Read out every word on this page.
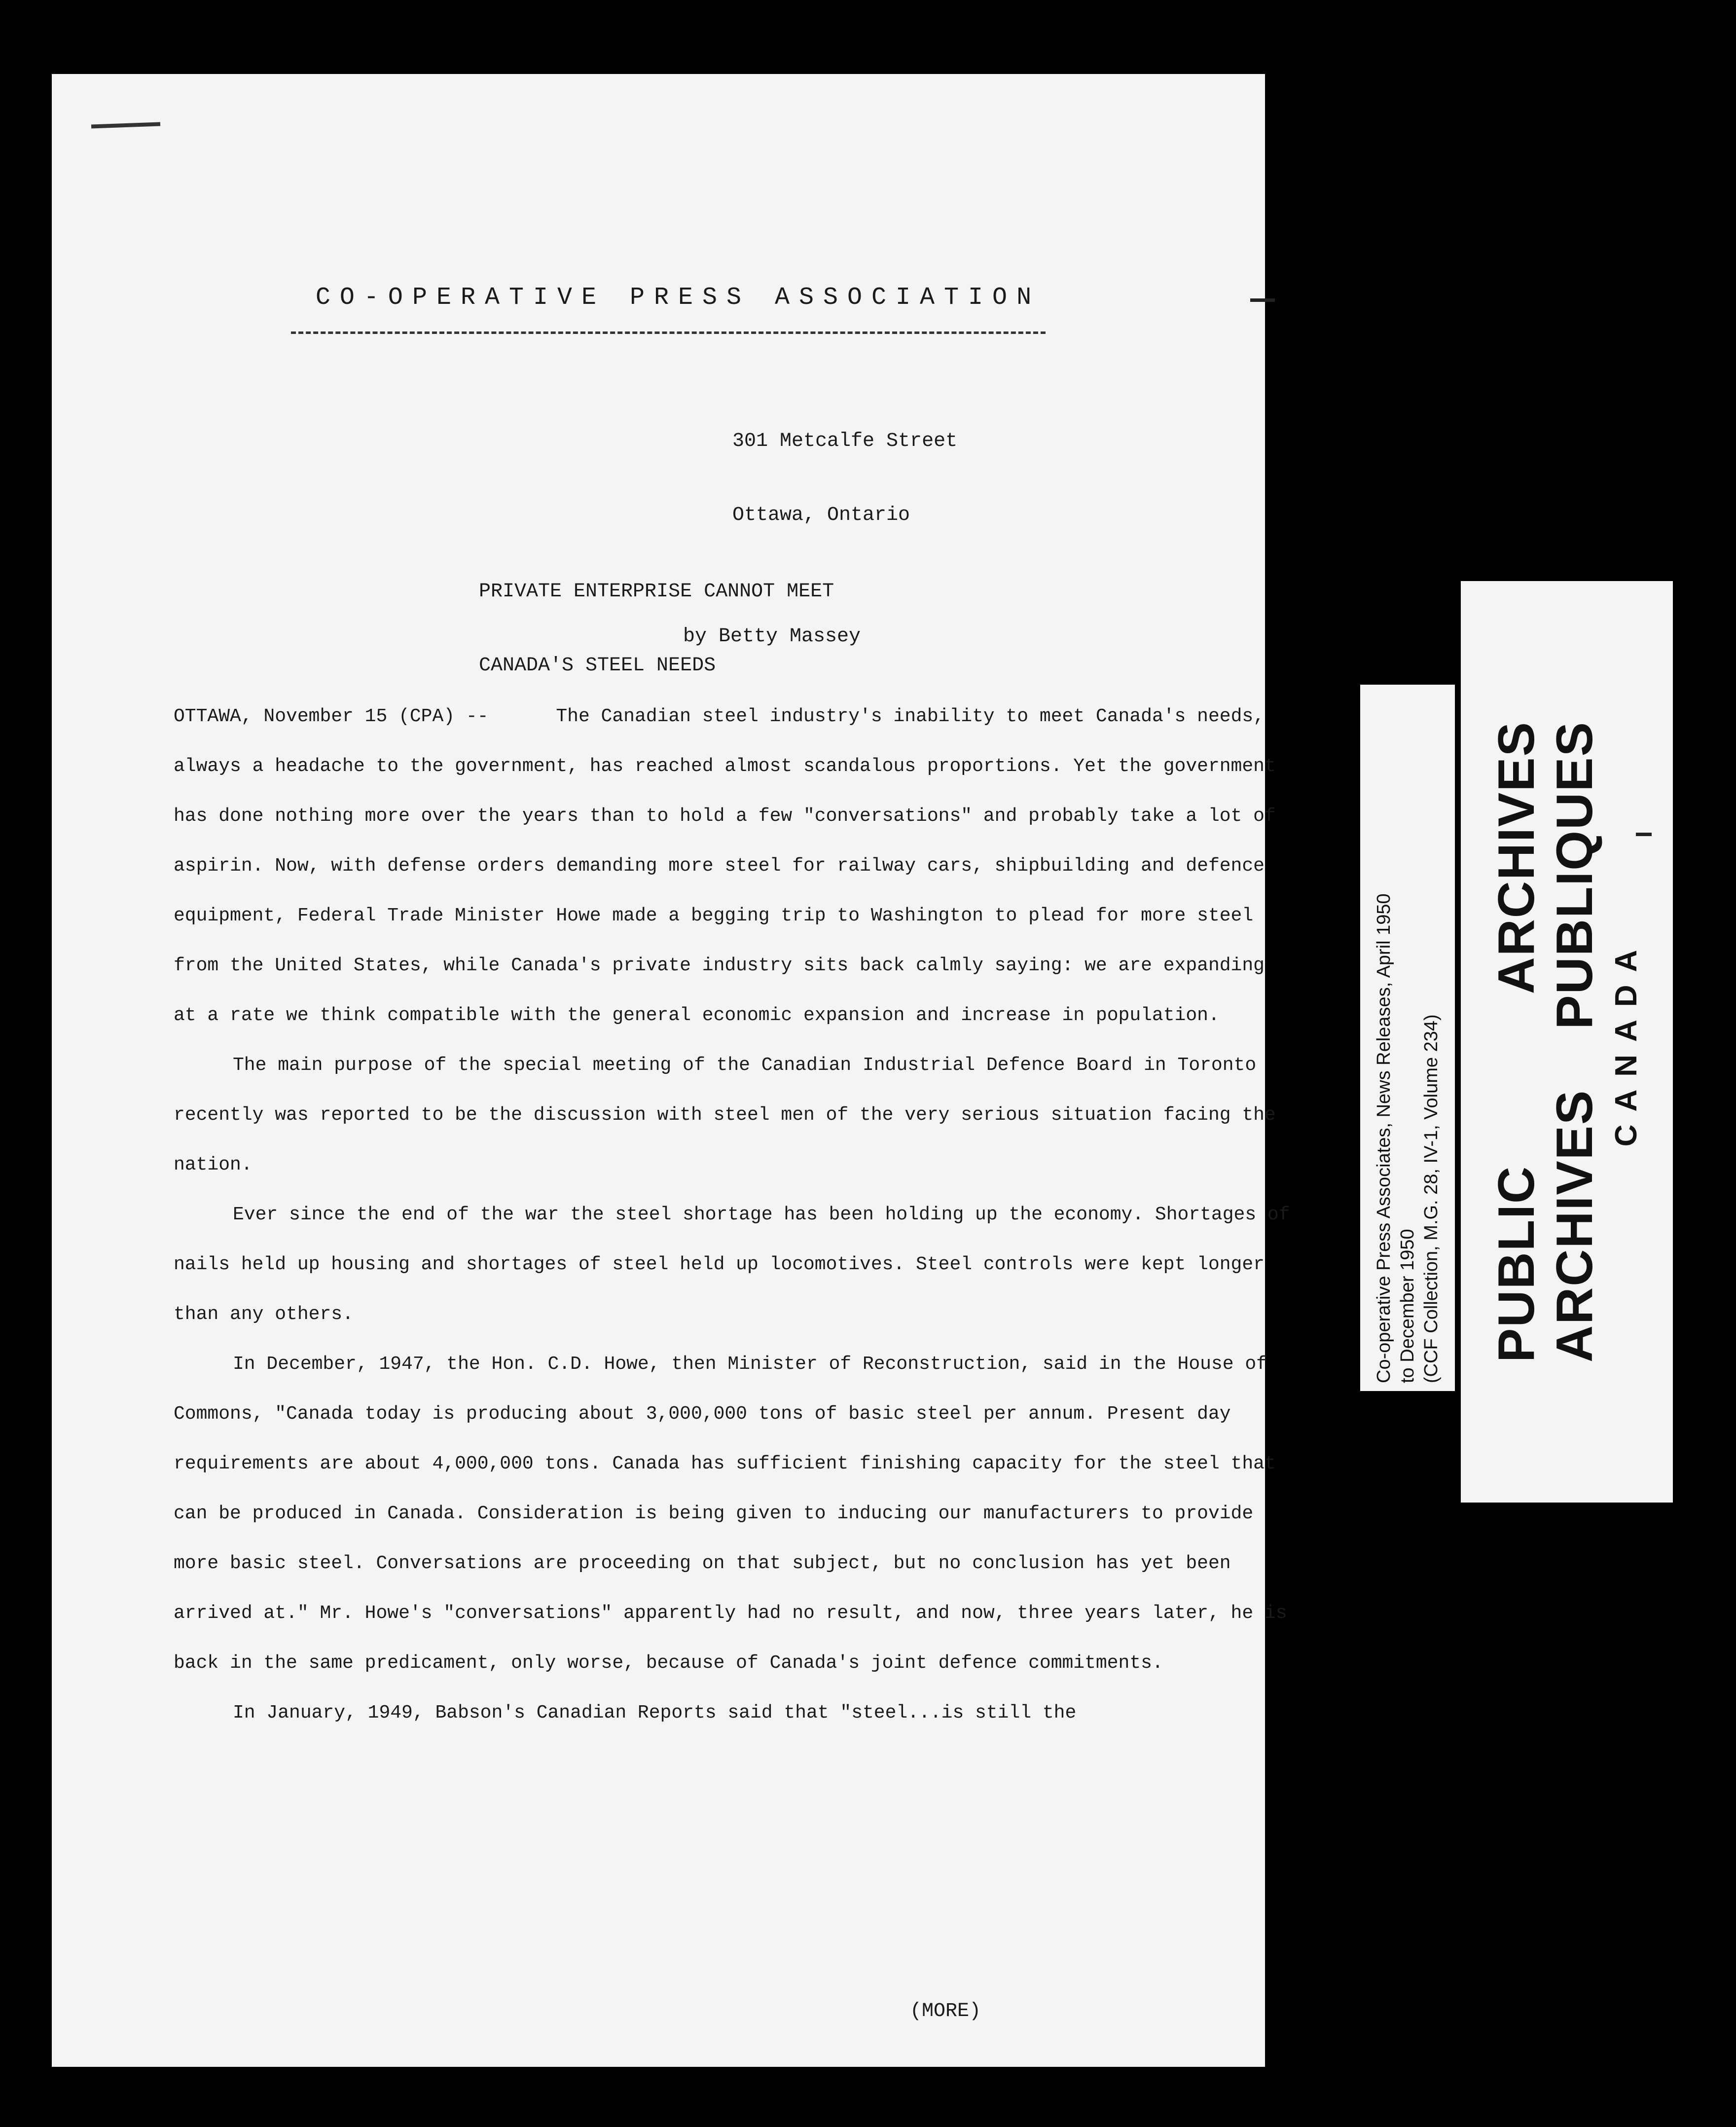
CO-OPERATIVE PRESS ASSOCIATION

301 Metcalfe Street

Ottawa, Ontario

PRIVATE ENTERPRISE CANNOT MEET

CANADA'S STEEL NEEDS

by Betty Massey

OTTAWA, November 15 (CPA) --	The Canadian steel industry's inability to meet Canada's needs, always a headache to the government, has reached almost scandalous proportions. Yet the government has done nothing more over the years than to hold a few "conversations" and probably take a lot of aspirin. Now, with defense orders demanding more steel for railway cars, shipbuilding and defence equipment, Federal Trade Minister Howe made a begging trip to Washington to plead for more steel from the United States, while Canada's private industry sits back calmly saying: we are expanding at a rate we think compatible with the general economic expansion and increase in population.

The main purpose of the special meeting of the Canadian Industrial Defence Board in Toronto recently was reported to be the discussion with steel men of the very serious situation facing the nation.

Ever since the end of the war the steel shortage has been holding up the economy. Shortages of nails held up housing and shortages of steel held up locomotives. Steel controls were kept longer than any others.

In December, 1947, the Hon. C.D. Howe, then Minister of Reconstruction, said in the House of Commons, "Canada today is producing about 3,000,000 tons of basic steel per annum. Present day requirements are about 4,000,000 tons. Canada has sufficient finishing capacity for the steel that can be produced in Canada. Consideration is being given to inducing our manufacturers to provide more basic steel. Conversations are proceeding on that subject, but no conclusion has yet been arrived at." Mr. Howe's "conversations" apparently had no result, and now, three years later, he is back in the same predicament, only worse, because of Canada's joint defence commitments.

In January, 1949, Babson's Canadian Reports said that "steel...is still the

(MORE)
Co-operative Press Associates, News Releases, April 1950 to December 1950 (CCF Collection, M.G. 28, IV-1, Volume 234) PUBLIC
ARCHIVES
ARCHIVES
PUBLIQUES
CANADA
